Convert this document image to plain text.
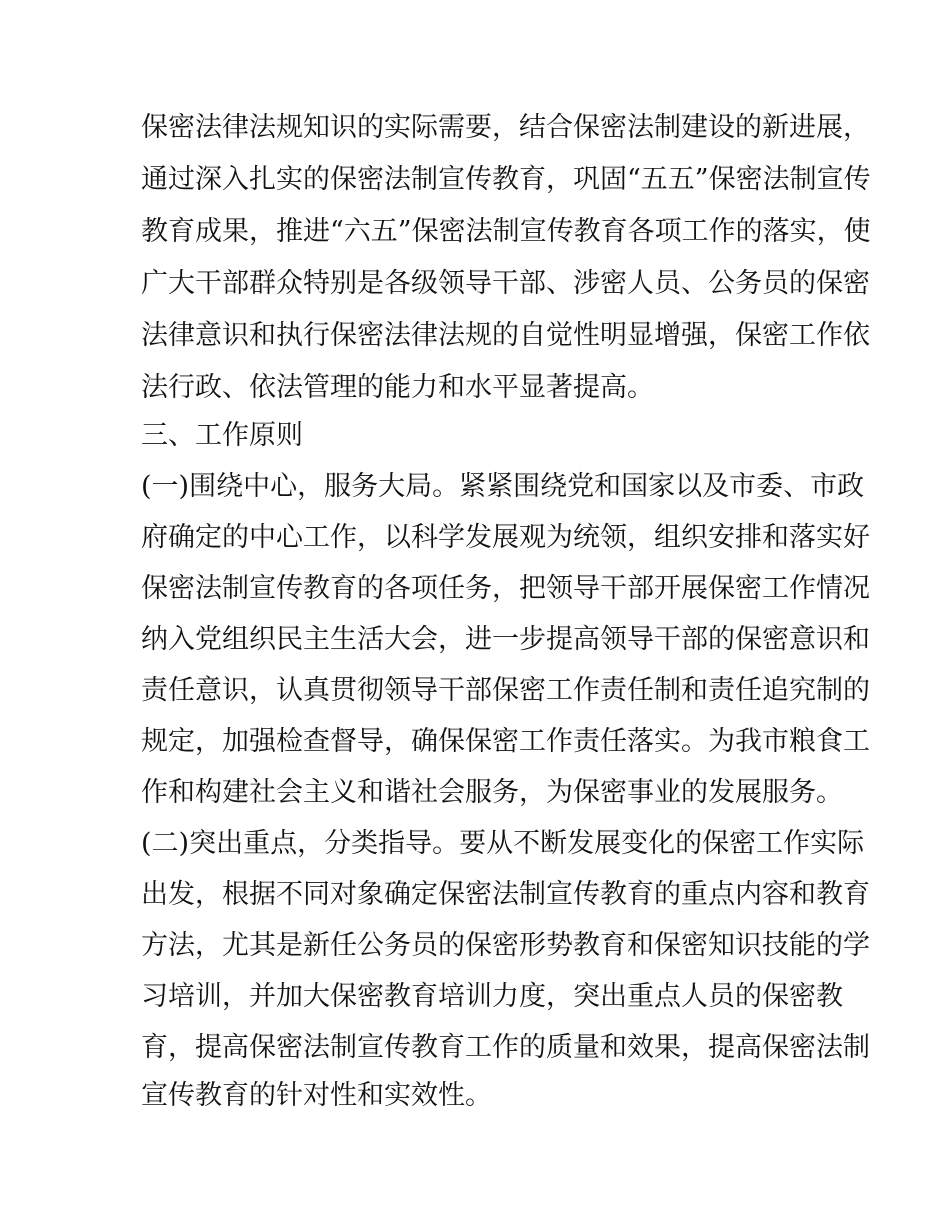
保密法律法规知识的实际需要，结合保密法制建设的新进展，

通过深入扎实的保密法制宣传教育，巩固“五五”保密法制宣传

教育成果，推进“六五”保密法制宣传教育各项工作的落实，使

广大干部群众特别是各级领导干部、涉密人员、公务员的保密

法律意识和执行保密法律法规的自觉性明显增强，保密工作依

法行政、依法管理的能力和水平显著提高。

三、工作原则

(一)围绕中心，服务大局。紧紧围绕党和国家以及市委、市政

府确定的中心工作，以科学发展观为统领，组织安排和落实好

保密法制宣传教育的各项任务，把领导干部开展保密工作情况

纳入党组织民主生活大会，进一步提高领导干部的保密意识和

责任意识，认真贯彻领导干部保密工作责任制和责任追究制的

规定，加强检查督导，确保保密工作责任落实。为我市粮食工

作和构建社会主义和谐社会服务，为保密事业的发展服务。

(二)突出重点，分类指导。要从不断发展变化的保密工作实际

出发，根据不同对象确定保密法制宣传教育的重点内容和教育

方法，尤其是新任公务员的保密形势教育和保密知识技能的学

习培训，并加大保密教育培训力度，突出重点人员的保密教

育，提高保密法制宣传教育工作的质量和效果，提高保密法制

宣传教育的针对性和实效性。
